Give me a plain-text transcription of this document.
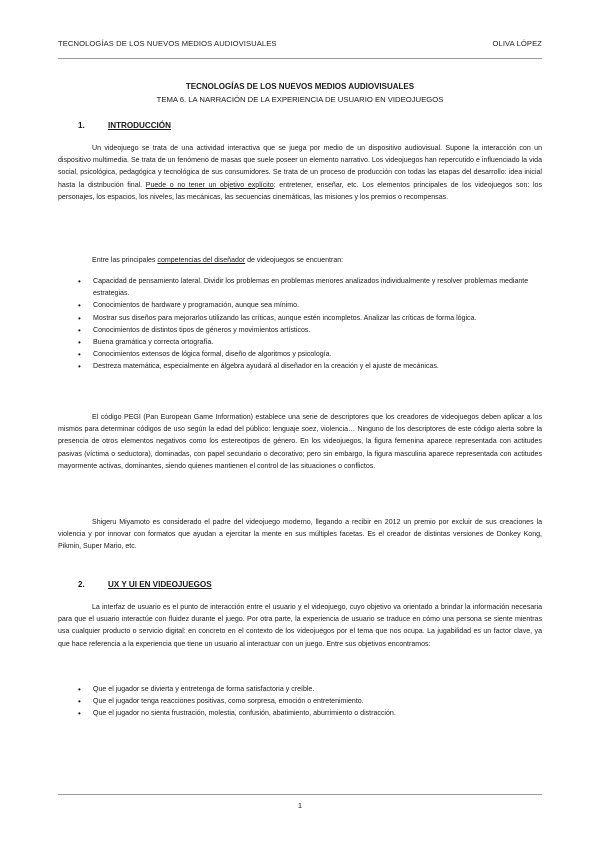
TECNOLOGÍAS DE LOS NUEVOS MEDIOS AUDIOVISUALES	OLIVA LÓPEZ
TECNOLOGÍAS DE LOS NUEVOS MEDIOS AUDIOVISUALES
TEMA 6. LA NARRACIÓN DE LA EXPERIENCIA DE USUARIO EN VIDEOJUEGOS
1.	INTRODUCCIÓN

Un videojuego se trata de una actividad interactiva que se juega por medio de un dispositivo audiovisual. Supone la interacción con un dispositivo multimedia. Se trata de un fenómeno de masas que suele poseer un elemento narrativo. Los videojuegos han repercutido e influenciado la vida social, psicológica, pedagógica y tecnológica de sus consumidores. Se trata de un proceso de producción con todas las etapas del desarrollo: idea inicial hasta la distribución final. Puede o no tener un objetivo explícito: entretener, enseñar, etc. Los elementos principales de los videojuegos son: los personajes, los espacios, los niveles, las mecánicas, las secuencias cinemáticas, las misiones y los premios o recompensas.

Entre las principales competencias del diseñador de videojuegos se encuentran:

• Capacidad de pensamiento lateral. Dividir los problemas en problemas menores analizados individualmente y resolver problemas mediante estrategias.
• Conocimientos de hardware y programación, aunque sea mínimo.
• Mostrar sus diseños para mejorarlos utilizando las críticas, aunque estén incompletos. Analizar las críticas de forma lógica.
• Conocimientos de distintos tipos de géneros y movimientos artísticos.
• Buena gramática y correcta ortografía.
• Conocimientos extensos de lógica formal, diseño de algoritmos y psicología.
• Destreza matemática, especialmente en álgebra ayudará al diseñador en la creación y el ajuste de mecánicas.

El código PEGI (Pan European Game Information) establece una serie de descriptores que los creadores de videojuegos deben aplicar a los mismos para determinar códigos de uso según la edad del público: lenguaje soez, violencia… Ninguno de los descriptores de este código alerta sobre la presencia de otros elementos negativos como los estereotipos de género. En los videojuegos, la figura femenina aparece representada con actitudes pasivas (víctima o seductora), dominadas, con papel secundario o decorativo; pero sin embargo, la figura masculina aparece representada con actitudes mayormente activas, dominantes, siendo quienes mantienen el control de las situaciones o conflictos.

Shigeru Miyamoto es considerado el padre del videojuego moderno, llegando a recibir en 2012 un premio por excluir de sus creaciones la violencia y por innovar con formatos que ayudan a ejercitar la mente en sus múltiples facetas. Es el creador de distintas versiones de Donkey Kong, Pikmin, Super Mario, etc.

2.	UX Y UI EN VIDEOJUEGOS

La interfaz de usuario es el punto de interacción entre el usuario y el videojuego, cuyo objetivo va orientado a brindar la información necesaria para que el usuario interactúe con fluidez durante el juego. Por otra parte, la experiencia de usuario se traduce en cómo una persona se siente mientras usa cualquier producto o servicio digital: en concreto en el contexto de los videojuegos por el tema que nos ocupa. La jugabilidad es un factor clave, ya que hace referencia a la experiencia que tiene un usuario al interactuar con un juego. Entre sus objetivos encontramos:

• Que el jugador se divierta y entretenga de forma satisfactoria y creíble.
• Que el jugador tenga reacciones positivas, como sorpresa, emoción o entretenimiento.
• Que el jugador no sienta frustración, molestia, confusión, abatimiento, aburrimiento o distracción.
1
